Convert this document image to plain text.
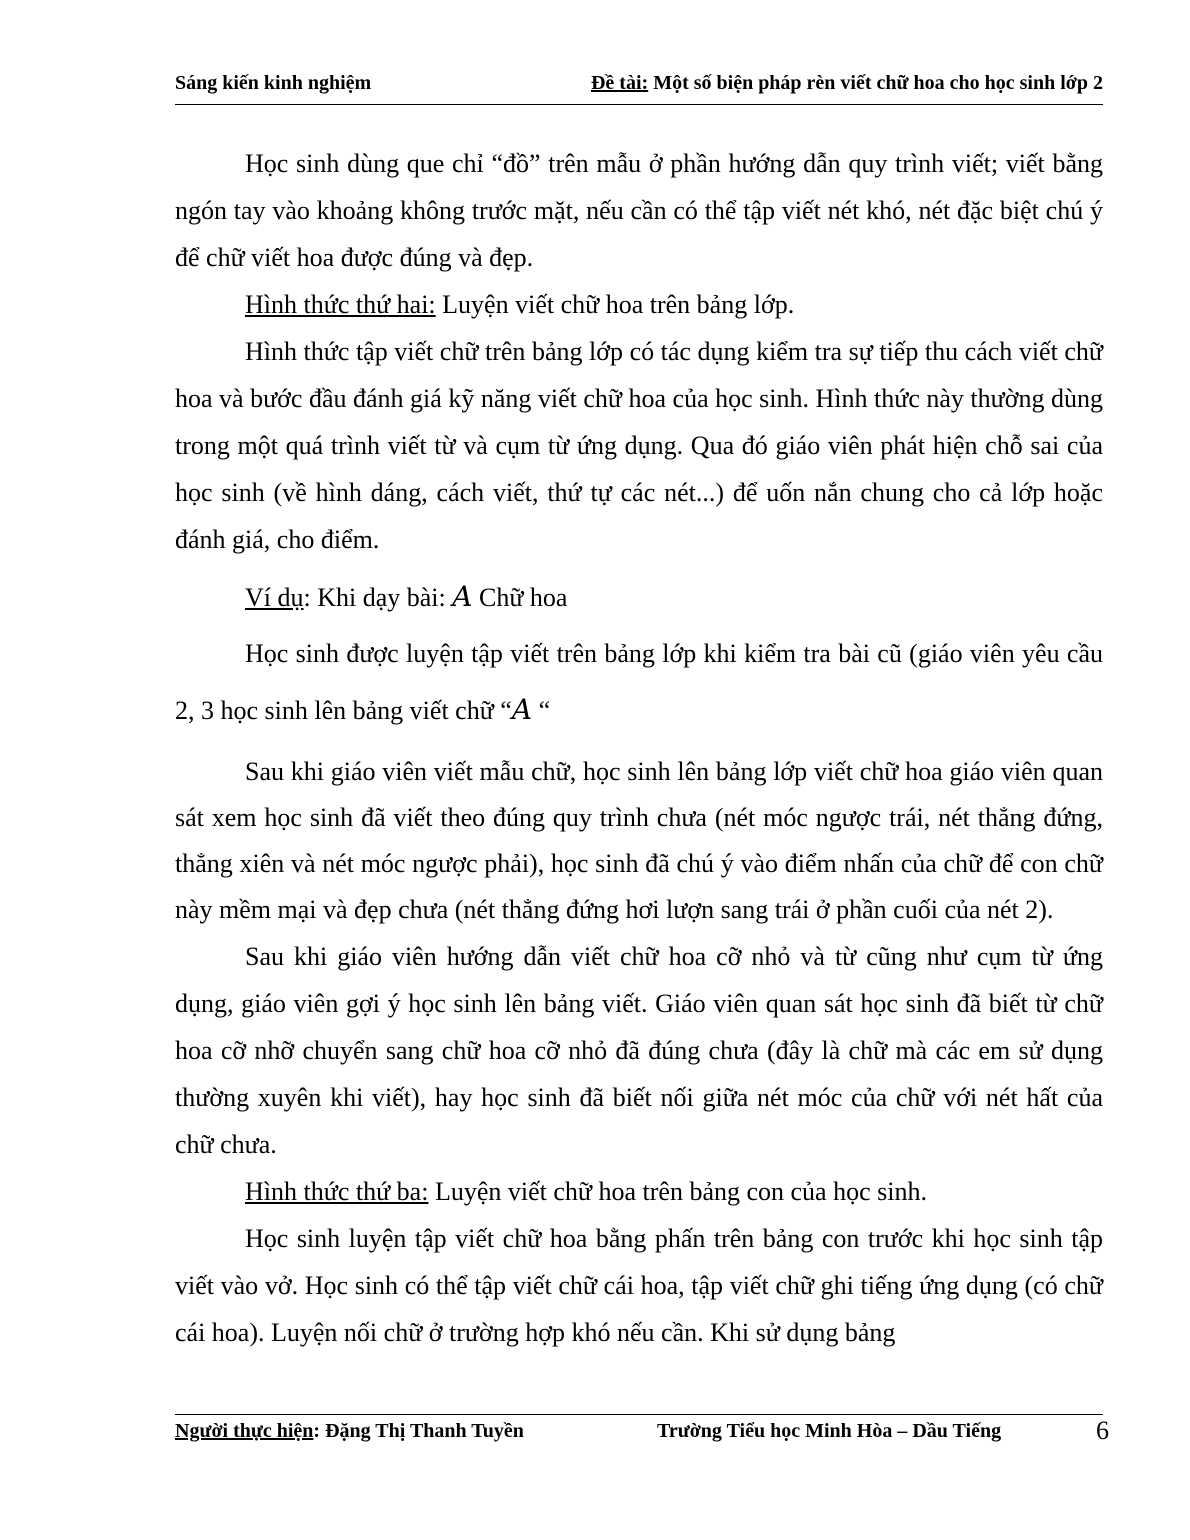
Sáng kiến kinh nghiệm	Đề tài: Một số biện pháp rèn viết chữ hoa cho học sinh lớp 2

Học sinh dùng que chỉ “đồ” trên mẫu ở phần hướng dẫn quy trình viết; viết bằng ngón tay vào khoảng không trước mặt, nếu cần có thể tập viết nét khó, nét đặc biệt chú ý để chữ viết hoa được đúng và đẹp.

Hình thức thứ hai: Luyện viết chữ hoa trên bảng lớp.

Hình thức tập viết chữ trên bảng lớp có tác dụng kiểm tra sự tiếp thu cách viết chữ hoa và bước đầu đánh giá kỹ năng viết chữ hoa của học sinh. Hình thức này thường dùng trong một quá trình viết từ và cụm từ ứng dụng. Qua đó giáo viên phát hiện chỗ sai của học sinh (về hình dáng, cách viết, thứ tự các nét...) để uốn nắn chung cho cả lớp hoặc đánh giá, cho điểm.

Ví dụ: Khi dạy bài: A Chữ hoa

Học sinh được luyện tập viết trên bảng lớp khi kiểm tra bài cũ (giáo viên yêu cầu 2, 3 học sinh lên bảng viết chữ “A “

Sau khi giáo viên viết mẫu chữ, học sinh lên bảng lớp viết chữ hoa giáo viên quan sát xem học sinh đã viết theo đúng quy trình chưa (nét móc ngược trái, nét thẳng đứng, thẳng xiên và nét móc ngược phải), học sinh đã chú ý vào điểm nhấn của chữ để con chữ này mềm mại và đẹp chưa (nét thẳng đứng hơi lượn sang trái ở phần cuối của nét 2).

Sau khi giáo viên hướng dẫn viết chữ hoa cỡ nhỏ và từ cũng như cụm từ ứng dụng, giáo viên gợi ý học sinh lên bảng viết. Giáo viên quan sát học sinh đã biết từ chữ hoa cỡ nhỡ chuyển sang chữ hoa cỡ nhỏ đã đúng chưa (đây là chữ mà các em sử dụng thường xuyên khi viết), hay học sinh đã biết nối giữa nét móc của chữ với nét hất của chữ chưa.

Hình thức thứ ba: Luyện viết chữ hoa trên bảng con của học sinh.

Học sinh luyện tập viết chữ hoa bằng phấn trên bảng con trước khi học sinh tập viết vào vở. Học sinh có thể tập viết chữ cái hoa, tập viết chữ ghi tiếng ứng dụng (có chữ cái hoa). Luyện nối chữ ở trường hợp khó nếu cần. Khi sử dụng bảng

Người thực hiện: Đặng Thị Thanh Tuyền	Trường Tiểu học Minh Hòa – Dầu Tiếng	6
